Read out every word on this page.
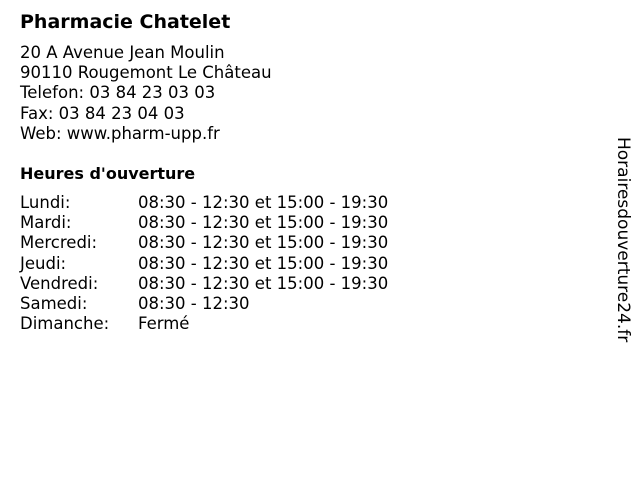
Pharmacie Chatelet
20 A Avenue Jean Moulin
90110 Rougemont Le Château
Telefon: 03 84 23 03 03
Fax: 03 84 23 04 03
Web: www.pharm-upp.fr
Heures d'ouverture
Lundi:	08:30 - 12:30 et 15:00 - 19:30
Mardi:	08:30 - 12:30 et 15:00 - 19:30
Mercredi: 08:30 - 12:30 et 15:00 - 19:30
Jeudi:	08:30 - 12:30 et 15:00 - 19:30
Vendredi: 08:30 - 12:30 et 15:00 - 19:30
Samedi:	08:30 - 12:30
Dimanche: Fermé	Horairesdouverture24.fr
